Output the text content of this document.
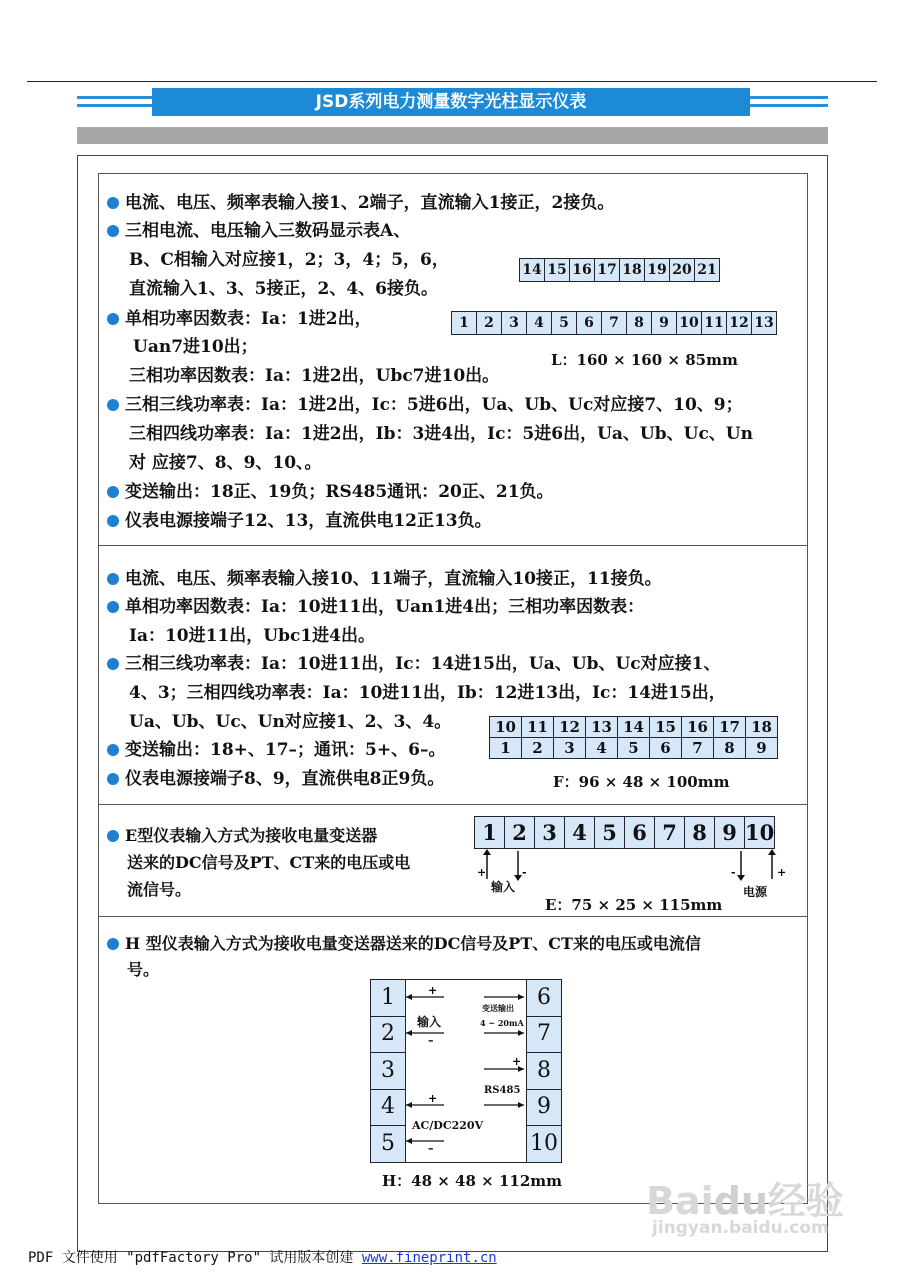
JSD系列电力测量数字光柱显示仪表
电流、电压、频率表输入接1、2端子，直流输入1接正，2接负。
三相电流、电压输入三数码显示表A、
B、C相输入对应接1，2；3，4；5，6，
直流输入1、3、5接正，2、4、6接负。
单相功率因数表：Ia：1进2出，
Uan7进10出；
三相功率因数表：Ia：1进2出，Ubc7进10出。
三相三线功率表：Ia：1进2出，Ic：5进6出，Ua、Ub、Uc对应接7、10、9；
三相四线功率表：Ia：1进2出，Ib：3进4出，Ic：5进6出，Ua、Ub、Uc、Un
对 应接7、8、9、10、。
变送输出：18正、19负；RS485通讯：20正、21负。
仪表电源接端子12、13，直流供电12正13负。
14	15	16	17	18	19	20	21
1	2	3	4	5	6	7	8	9	10	11	12	13
L：160 × 160 × 85mm
电流、电压、频率表输入接10、11端子，直流输入10接正，11接负。
单相功率因数表：Ia：10进11出，Uan1进4出；三相功率因数表：
Ia：10进11出，Ubc1进4出。
三相三线功率表：Ia：10进11出，Ic：14进15出，Ua、Ub、Uc对应接1、
4、3；三相四线功率表：Ia：10进11出，Ib：12进13出，Ic：14进15出，
Ua、Ub、Uc、Un对应接1、2、3、4。
变送输出：18+、17–；通讯：5+、6–。
仪表电源接端子8、9，直流供电8正9负。
10	11	12	13	14	15	16	17	18
1	2	3	4	5	6	7	8	9
F：96 × 48 × 100mm
E型仪表输入方式为接收电量变送器
送来的DC信号及PT、CT来的电压或电
流信号。
1	2	3	4	5	6	7	8	9	10
+	-	-	+
输入	电源
E：75 × 25 × 115mm
H 型仪表输入方式为接收电量变送器送来的DC信号及PT、CT来的电压或电流信
号。
1
2
3
4
5
6
7
8
9
10
+
–
+
+
–
输入
变送输出
4 ~ 20mA
RS485
AC/DC220V
H：48 × 48 × 112mm Baidu经验
jingyan.baidu.com
PDF 文件使用 "pdfFactory Pro" 试用版本创建 www.fineprint.cn
